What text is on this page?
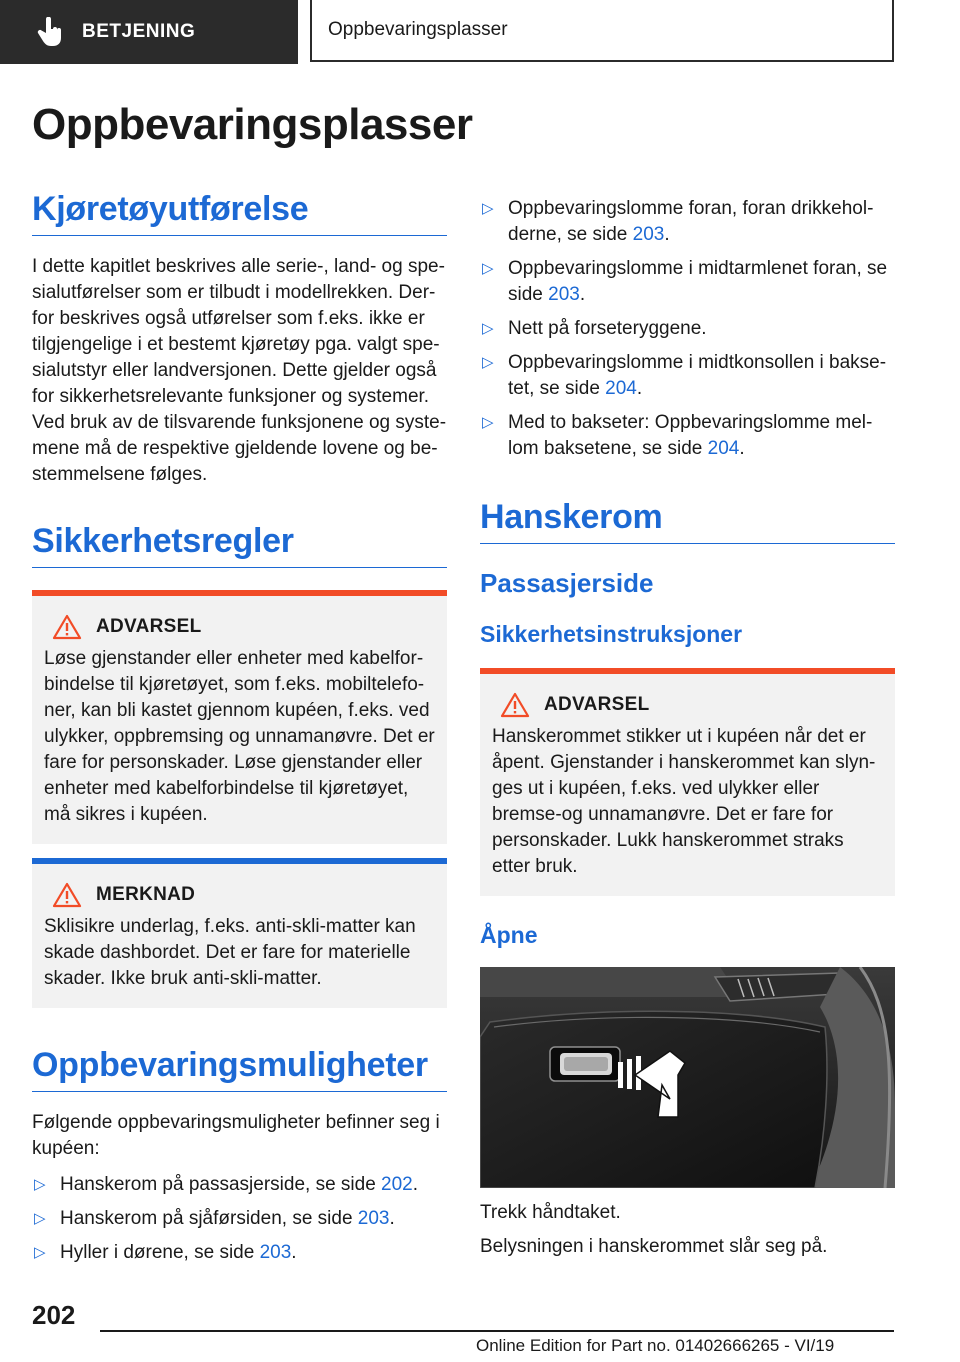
BETJENING	Oppbevaringsplasser
Oppbevaringsplasser
Kjøretøyutførelse

I dette kapitlet beskrives alle serie-, land- og spe-sialutførelser som er tilbudt i modellrekken. Der-for beskrives også utførelser som f.eks. ikke er tilgjengelige i et bestemt kjøretøy pga. valgt spe-sialutstyr eller landversjonen. Dette gjelder også for sikkerhetsrelevante funksjoner og systemer. Ved bruk av de tilsvarende funksjonene og syste-mene må de respektive gjeldende lovene og be-stemmelsene følges.

Sikkerhetsregler
ADVARSEL

Løse gjenstander eller enheter med kabelfor-bindelse til kjøretøyet, som f.eks. mobiltelefo-ner, kan bli kastet gjennom kupéen, f.eks. ved ulykker, oppbremsing og unnamanøvre. Det er fare for personskader. Løse gjenstander eller enheter med kabelforbindelse til kjøretøyet, må sikres i kupéen.

MERKNAD

Sklisikre underlag, f.eks. anti-skli-matter kan skade dashbordet. Det er fare for materielle skader. Ikke bruk anti-skli-matter.

Oppbevaringsmuligheter

Følgende oppbevaringsmuligheter befinner seg i kupéen:

▷ Hanskerom på passasjerside, se side 202.
▷ Hanskerom på sjåførsiden, se side 203.
▷ Hyller i dørene, se side 203.
▷ Oppbevaringslomme foran, foran drikkehol-derne, se side 203.
▷ Oppbevaringslomme i midtarmlenet foran, se side 203.
▷ Nett på forseteryggene.
▷ Oppbevaringslomme i midtkonsollen i bakse-tet, se side 204.
▷ Med to bakseter: Oppbevaringslomme mel-lom baksetene, se side 204.
Hanskerom
Passasjerside
Sikkerhetsinstruksjoner
ADVARSEL

Hanskerommet stikker ut i kupéen når det er åpent. Gjenstander i hanskerommet kan slyn-ges ut i kupéen, f.eks. ved ulykker eller bremse-og unnamanøvre. Det er fare for personskader. Lukk hanskerommet straks etter bruk.

Åpne

Trekk håndtaket.

Belysningen i hanskerommet slår seg på.

202
Online Edition for Part no. 01402666265 - VI/19
